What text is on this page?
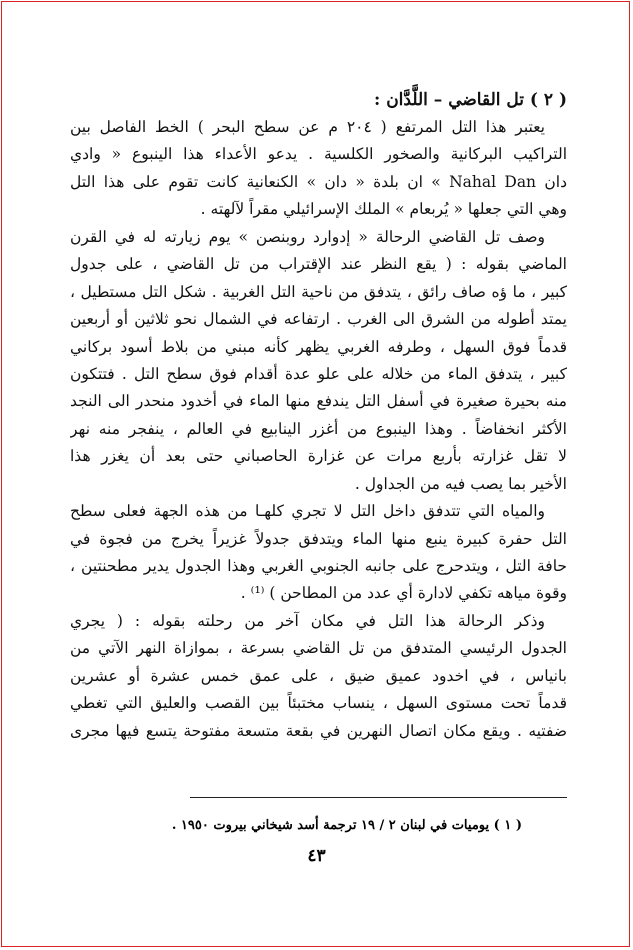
( ٢ ) تل القاضي – اللَّدَّان :
يعتبر هذا التل المرتفع ( ٢٠٤ م عن سطح البحر ) الخط الفاصل بين
التراكيب البركانية والصخور الكلسية . يدعو الأعداء هذا الينبوع « وادي
دان Nahal Dan » ان بلدة « دان » الكنعانية كانت تقوم على هذا التل
وهي التي جعلها « يُربعام » الملك الإسرائيلي مقراً لآلهته .
وصف تل القاضي الرحالة « إدوارد روبنصن » يوم زيارته له في القرن
الماضي بقوله : ( يقع النظر عند الإقتراب من تل القاضي ، على جدول
كبير ، ما ؤه صاف رائق ، يتدفق من ناحية التل الغربية . شكل التل مستطيل ،
يمتد أطوله من الشرق الى الغرب . ارتفاعه في الشمال نحو ثلاثين أو أربعين
قدماً فوق السهل ، وطرفه الغربي يظهر كأنه مبني من بلاط أسود بركاني
كبير ، يتدفق الماء من خلاله على علو عدة أقدام فوق سطح التل . فتتكون
منه بحيرة صغيرة في أسفل التل يندفع منها الماء في أخدود منحدر الى النجد
الأكثر انخفاضاً . وهذا الينبوع من أغزر الينابيع في العالم ، ينفجر منه نهر
لا تقل غزارته بأربع مرات عن غزارة الحاصباني حتى بعد أن يغزر هذا
الأخير بما يصب فيه من الجداول .
والمياه التي تتدفق داخل التل لا تجري كلهـا من هذه الجهة فعلى سطح
التل حفرة كبيرة ينبع منها الماء ويتدفق جدولاً غزيراً يخرج من فجوة في
حافة التل ، ويتدحرج على جانبه الجنوبي الغربي وهذا الجدول يدير مطحنتين ،
وقوة مياهه تكفي لادارة أي عدد من المطاحن ) ⁽¹⁾ .
وذكر الرحالة هذا التل في مكان آخر من رحلته بقوله : ( يجري
الجدول الرئيسي المتدفق من تل القاضي بسرعة ، بموازاة النهر الآتي من
بانياس ، في اخدود عميق ضيق ، على عمق خمس عشرة أو عشرين
قدماً تحت مستوى السهل ، ينساب مختبئاً بين القصب والعليق التي تغطي
ضفتيه . ويقع مكان اتصال النهرين في بقعة متسعة مفتوحة يتسع فيها مجرى
( ١ ) يوميات في لبنان ٢ / ١٩ ترجمة أسد شيخاني بيروت ١٩٥٠ .
٤٣
